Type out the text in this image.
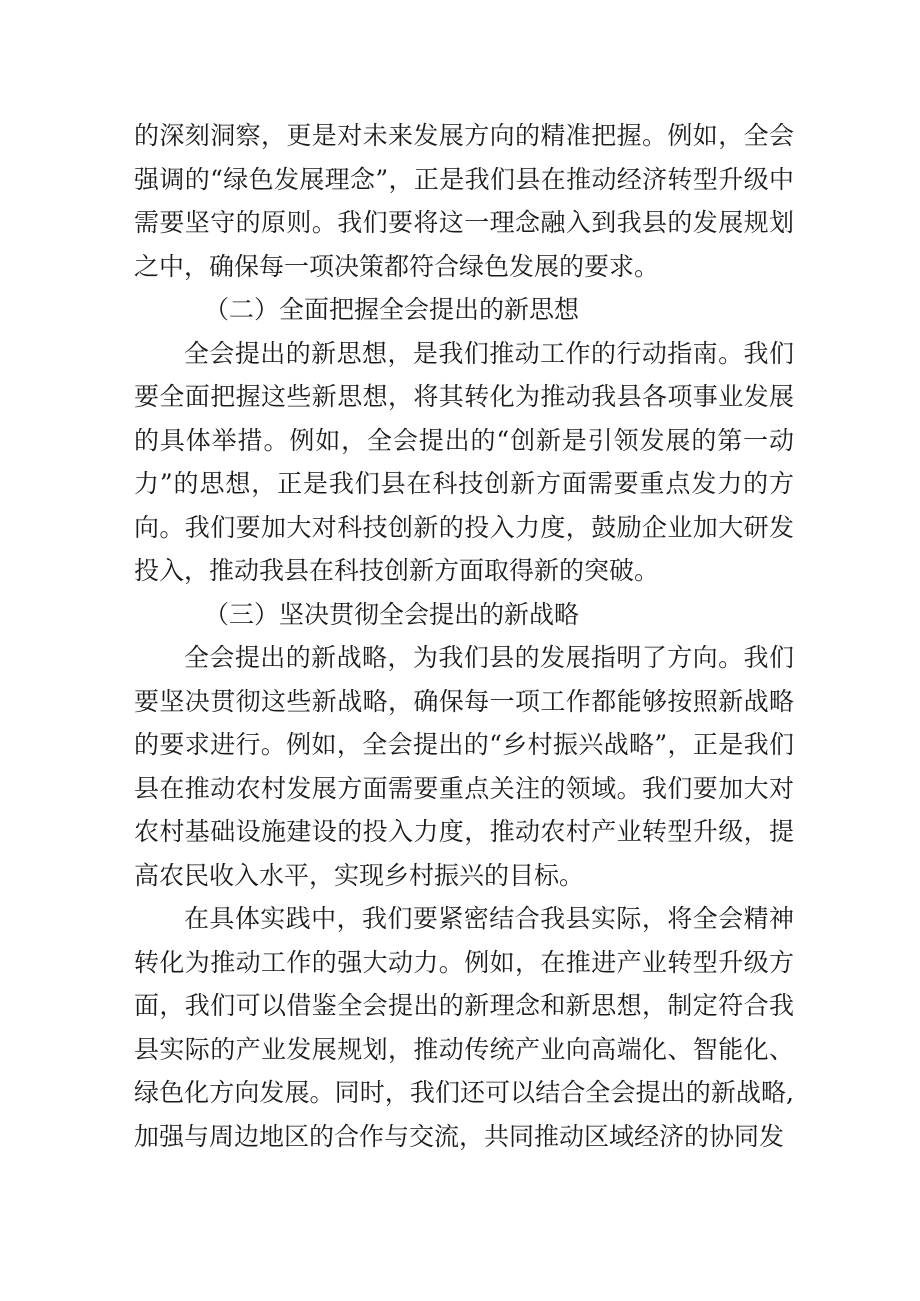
的深刻洞察，更是对未来发展方向的精准把握。例如，全会强调的“绿色发展理念”，正是我们县在推动经济转型升级中需要坚守的原则。我们要将这一理念融入到我县的发展规划之中，确保每一项决策都符合绿色发展的要求。

（二）全面把握全会提出的新思想

全会提出的新思想，是我们推动工作的行动指南。我们要全面把握这些新思想，将其转化为推动我县各项事业发展的具体举措。例如，全会提出的“创新是引领发展的第一动力”的思想，正是我们县在科技创新方面需要重点发力的方向。我们要加大对科技创新的投入力度，鼓励企业加大研发投入，推动我县在科技创新方面取得新的突破。

（三）坚决贯彻全会提出的新战略

全会提出的新战略，为我们县的发展指明了方向。我们要坚决贯彻这些新战略，确保每一项工作都能够按照新战略的要求进行。例如，全会提出的“乡村振兴战略”，正是我们县在推动农村发展方面需要重点关注的领域。我们要加大对农村基础设施建设的投入力度，推动农村产业转型升级，提高农民收入水平，实现乡村振兴的目标。

在具体实践中，我们要紧密结合我县实际，将全会精神转化为推动工作的强大动力。例如，在推进产业转型升级方面，我们可以借鉴全会提出的新理念和新思想，制定符合我县实际的产业发展规划，推动传统产业向高端化、智能化、绿色化方向发展。同时，我们还可以结合全会提出的新战略,加强与周边地区的合作与交流，共同推动区域经济的协同发
